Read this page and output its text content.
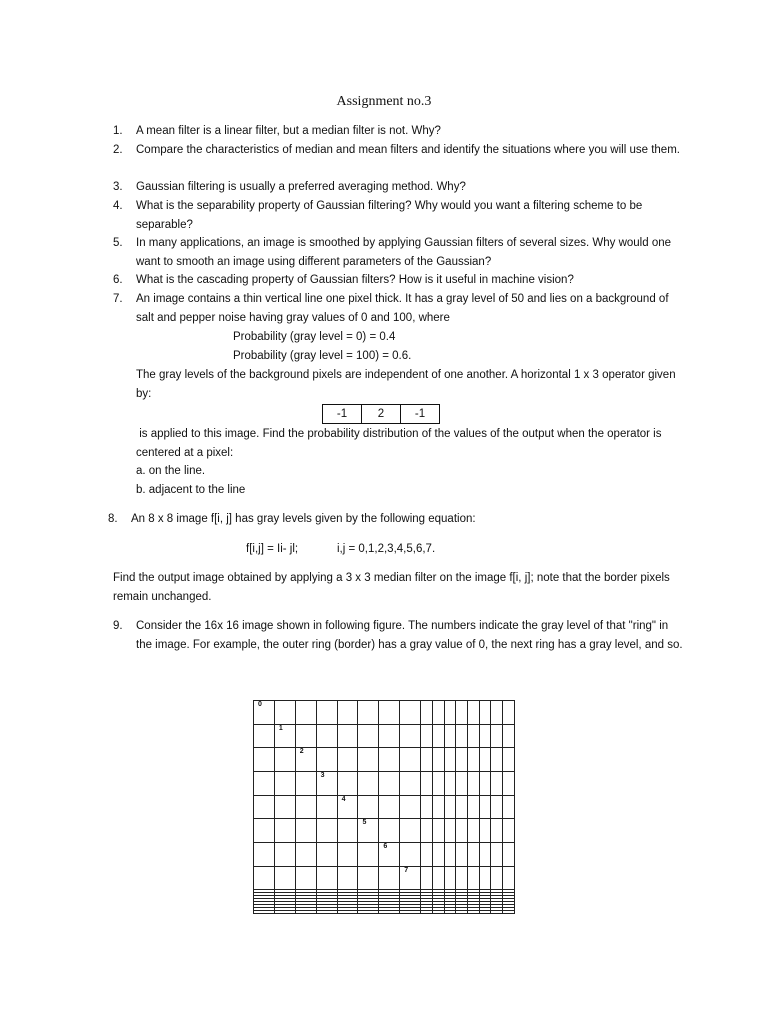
Assignment no.3
1. A mean filter is a linear filter, but a median filter is not. Why?
2. Compare the characteristics of median and mean filters and identify the situations where you will use them.
3. Gaussian filtering is usually a preferred averaging method. Why?
4. What is the separability property of Gaussian filtering? Why would you want a filtering scheme to be separable?
5. In many applications, an image is smoothed by applying Gaussian filters of several sizes. Why would one want to smooth an image using different parameters of the Gaussian?
6. What is the cascading property of Gaussian filters? How is it useful in machine vision?
7. An image contains a thin vertical line one pixel thick. It has a gray level of 50 and lies on a background of salt and pepper noise having gray values of 0 and 100, where
Probability (gray level = 0) = 0.4
Probability (gray level = 100) = 0.6.
The gray levels of the background pixels are independent of one another. A horizontal 1 x 3 operator given by:
-1	2	-1
is applied to this image. Find the probability distribution of the values of the output when the operator is centered at a pixel:
a. on the line.
b. adjacent to the line
8. An 8 x 8 image f[i, j] has gray levels given by the following equation:
f[i,j] = Ii- jl;	i,j = 0,1,2,3,4,5,6,7.
Find the output image obtained by applying a 3 x 3 median filter on the image f[i, j]; note that the border pixels remain unchanged.
9. Consider the 16x 16 image shown in following figure. The numbers indicate the gray level of that "ring" in the image. For example, the outer ring (border) has a gray value of 0, the next ring has a gray level, and so.
0															
	1														
		2													
			3												
				4											
					5										
						6									
							7								
